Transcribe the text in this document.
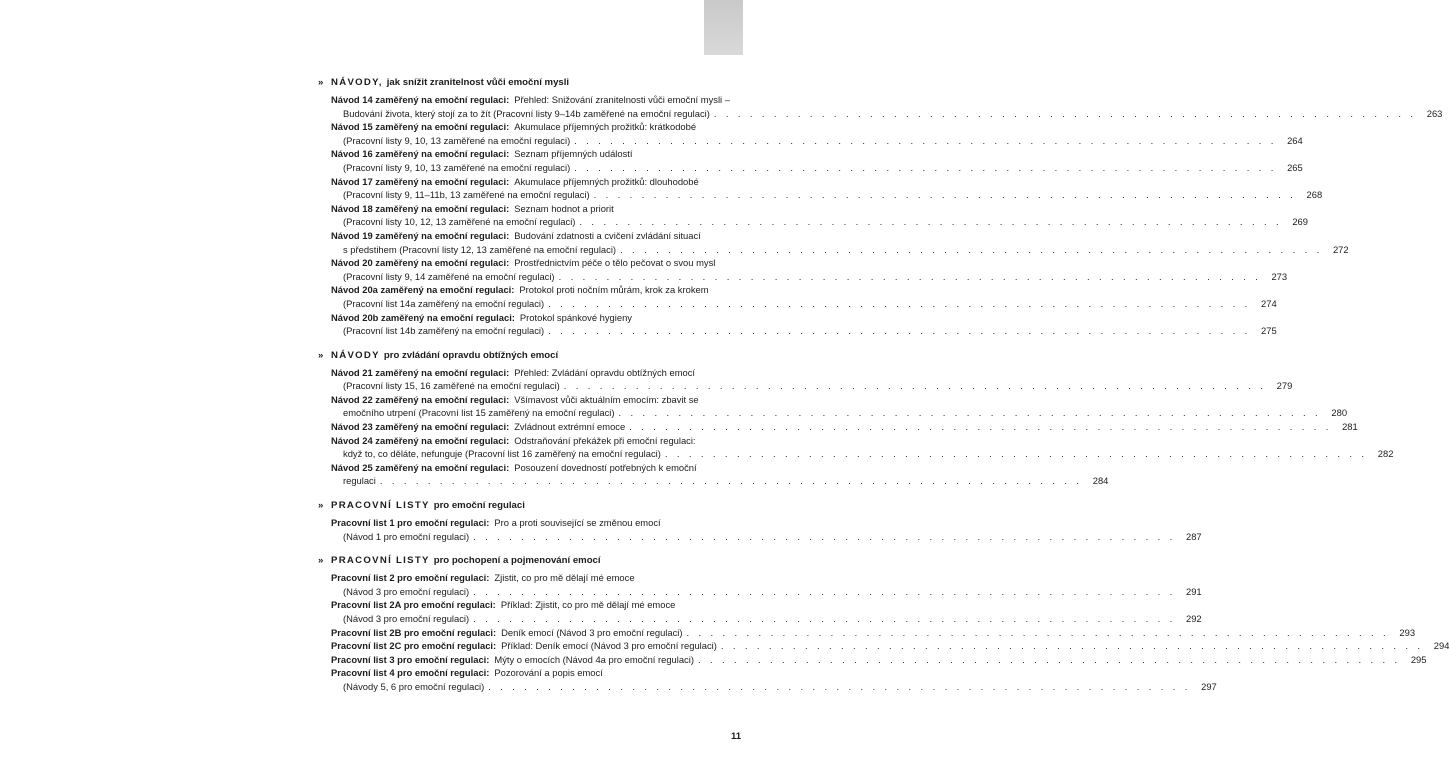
» NÁVODY, jak snížit zranitelnost vůči emoční mysli
Návod 14 zaměřený na emoční regulaci: Přehled: Snižování zranitelnosti vůči emoční mysli –
Budování života, který stojí za to žít (Pracovní listy 9–14b zaměřené na emoční regulaci) . . . . . . . . . . . . . . . . . . . . . . . . . . . . . . . . . . . . . . . . . . . . . . . . . . . . . . . . . . .	263
Návod 15 zaměřený na emoční regulaci: Akumulace příjemných prožitků: krátkodobé
(Pracovní listy 9, 10, 13 zaměřené na emoční regulaci) . . . . . . . . . . . . . . . . . . . . . . . . . . . . . . . . . . . . . . . . . . . . . . . . . . . . . . . . . . .	264
Návod 16 zaměřený na emoční regulaci: Seznam příjemných událostí
(Pracovní listy 9, 10, 13 zaměřené na emoční regulaci) . . . . . . . . . . . . . . . . . . . . . . . . . . . . . . . . . . . . . . . . . . . . . . . . . . . . . . . . . . .	265
Návod 17 zaměřený na emoční regulaci: Akumulace příjemných prožitků: dlouhodobé
(Pracovní listy 9, 11–11b, 13 zaměřené na emoční regulaci) . . . . . . . . . . . . . . . . . . . . . . . . . . . . . . . . . . . . . . . . . . . . . . . . . . . . . . . . . . .	268
Návod 18 zaměřený na emoční regulaci: Seznam hodnot a priorit
(Pracovní listy 10, 12, 13 zaměřené na emoční regulaci) . . . . . . . . . . . . . . . . . . . . . . . . . . . . . . . . . . . . . . . . . . . . . . . . . . . . . . . . . . .	269
Návod 19 zaměřený na emoční regulaci: Budování zdatnosti a cvičení zvládání situací
s předstihem (Pracovní listy 12, 13 zaměřené na emoční regulaci) . . . . . . . . . . . . . . . . . . . . . . . . . . . . . . . . . . . . . . . . . . . . . . . . . . . . . . . . . . .	272
Návod 20 zaměřený na emoční regulaci: Prostřednictvím péče o tělo pečovat o svou mysl
(Pracovní listy 9, 14 zaměřené na emoční regulaci) . . . . . . . . . . . . . . . . . . . . . . . . . . . . . . . . . . . . . . . . . . . . . . . . . . . . . . . . . . .	273
Návod 20a zaměřený na emoční regulaci: Protokol proti nočním můrám, krok za krokem
(Pracovní list 14a zaměřený na emoční regulaci) . . . . . . . . . . . . . . . . . . . . . . . . . . . . . . . . . . . . . . . . . . . . . . . . . . . . . . . . . . .	274
Návod 20b zaměřený na emoční regulaci: Protokol spánkové hygieny
(Pracovní list 14b zaměřený na emoční regulaci) . . . . . . . . . . . . . . . . . . . . . . . . . . . . . . . . . . . . . . . . . . . . . . . . . . . . . . . . . . .	275
» NÁVODY pro zvládání opravdu obtížných emocí
Návod 21 zaměřený na emoční regulaci: Přehled: Zvládání opravdu obtížných emocí
(Pracovní listy 15, 16 zaměřené na emoční regulaci) . . . . . . . . . . . . . . . . . . . . . . . . . . . . . . . . . . . . . . . . . . . . . . . . . . . . . . . . . . .	279
Návod 22 zaměřený na emoční regulaci: Všímavost vůči aktuálním emocím: zbavit se
emočního utrpení (Pracovní list 15 zaměřený na emoční regulaci) . . . . . . . . . . . . . . . . . . . . . . . . . . . . . . . . . . . . . . . . . . . . . . . . . . . . . . . . . . .	280
Návod 23 zaměřený na emoční regulaci: Zvládnout extrémní emoce . . . . . . . . . . . . . . . . . . . . . . . . . . . . . . . . . . . . . . . . . . . . . . . . . . . . . . . . . . .	281
Návod 24 zaměřený na emoční regulaci: Odstraňování překážek při emoční regulaci:
když to, co děláte, nefunguje (Pracovní list 16 zaměřený na emoční regulaci) . . . . . . . . . . . . . . . . . . . . . . . . . . . . . . . . . . . . . . . . . . . . . . . . . . . . . . . . . . .	282
Návod 25 zaměřený na emoční regulaci: Posouzení dovedností potřebných k emoční
regulaci . . . . . . . . . . . . . . . . . . . . . . . . . . . . . . . . . . . . . . . . . . . . . . . . . . . . . . . . . . .	284
» PRACOVNÍ LISTY pro emoční regulaci
Pracovní list 1 pro emoční regulaci: Pro a proti související se změnou emocí
(Návod 1 pro emoční regulaci) . . . . . . . . . . . . . . . . . . . . . . . . . . . . . . . . . . . . . . . . . . . . . . . . . . . . . . . . . . .	287
» PRACOVNÍ LISTY pro pochopení a pojmenování emocí
Pracovní list 2 pro emoční regulaci: Zjistit, co pro mě dělají mé emoce
(Návod 3 pro emoční regulaci) . . . . . . . . . . . . . . . . . . . . . . . . . . . . . . . . . . . . . . . . . . . . . . . . . . . . . . . . . . .	291
Pracovní list 2A pro emoční regulaci: Příklad: Zjistit, co pro mě dělají mé emoce
(Návod 3 pro emoční regulaci) . . . . . . . . . . . . . . . . . . . . . . . . . . . . . . . . . . . . . . . . . . . . . . . . . . . . . . . . . . .	292
Pracovní list 2B pro emoční regulaci: Deník emocí (Návod 3 pro emoční regulaci) . . . . . . . . . . . . . . . . . . . . . . . . . . . . . . . . . . . . . . . . . . . . . . . . . . . . . . . . . . .	293
Pracovní list 2C pro emoční regulaci: Příklad: Deník emocí (Návod 3 pro emoční regulaci) . . . . . . . . . . . . . . . . . . . . . . . . . . . . . . . . . . . . . . . . . . . . . . . . . . . . . . . . . . .	294
Pracovní list 3 pro emoční regulaci: Mýty o emocích (Návod 4a pro emoční regulaci) . . . . . . . . . . . . . . . . . . . . . . . . . . . . . . . . . . . . . . . . . . . . . . . . . . . . . . . . . . .	295
Pracovní list 4 pro emoční regulaci: Pozorování a popis emocí
(Návody 5, 6 pro emoční regulaci) . . . . . . . . . . . . . . . . . . . . . . . . . . . . . . . . . . . . . . . . . . . . . . . . . . . . . . . . . . .	297
11
